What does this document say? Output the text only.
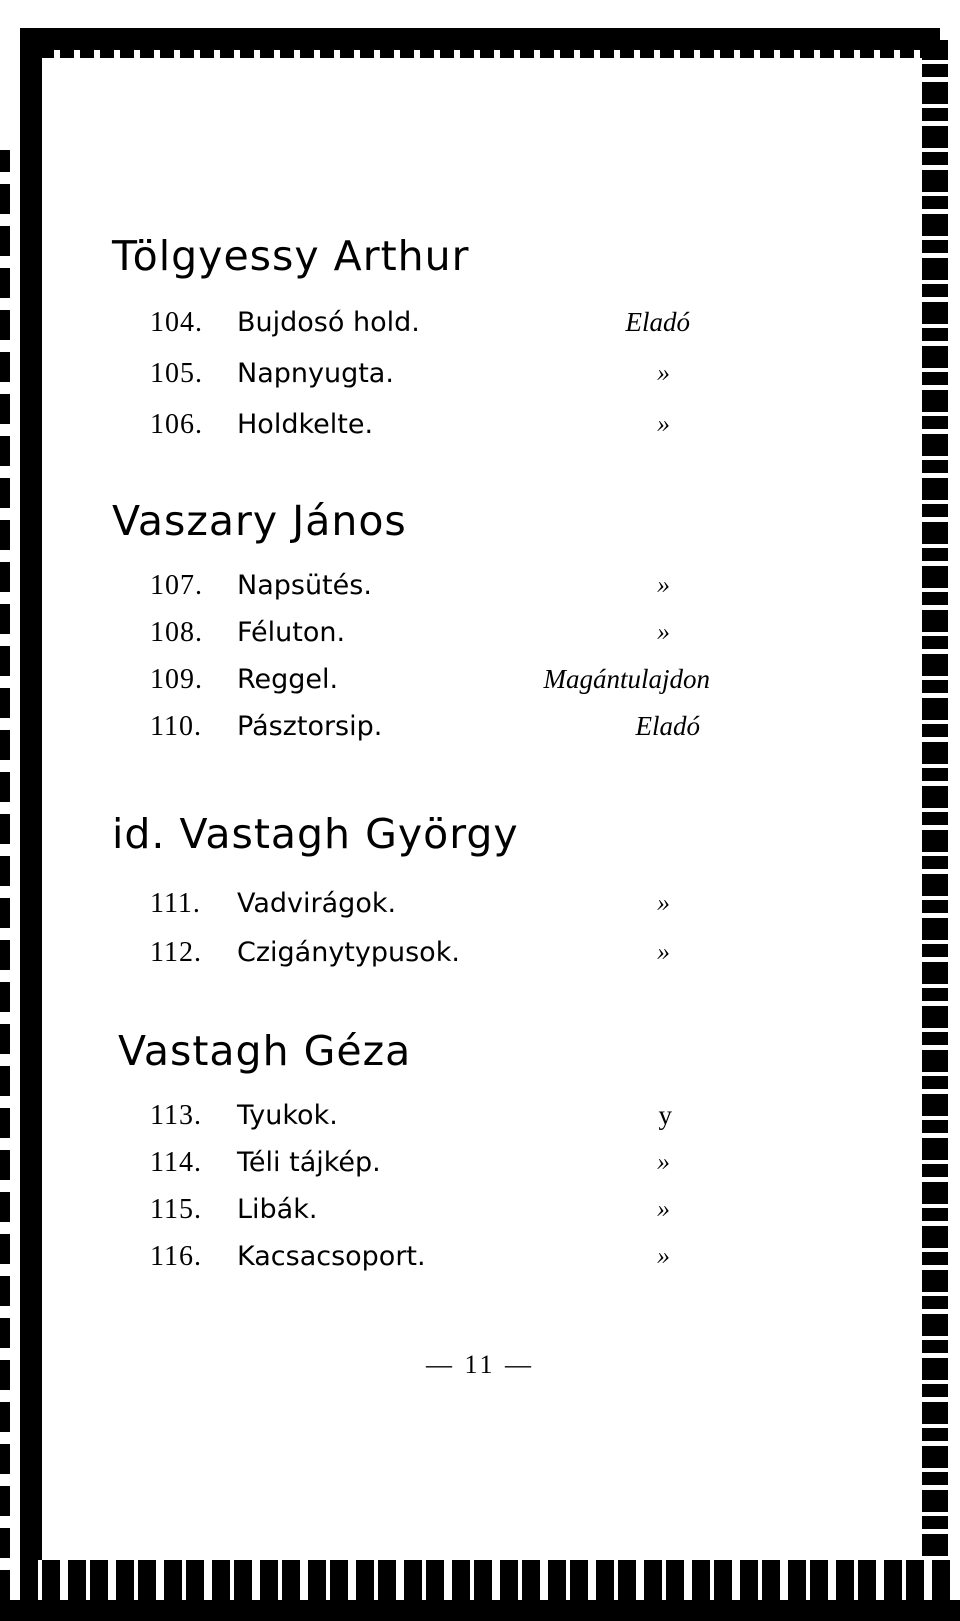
Tölgyessy Arthur
104. Bujdosó hold.	Eladó
105. Napnyugta.	»
106. Holdkelte.	»
Vaszary János
107. Napsütés.	»
108. Féluton.	»
109. Reggel.	Magántulajdon
110. Pásztorsip.	Eladó
id. Vastagh György
111. Vadvirágok.	»
112. Czigánytypusok.	»
Vastagh Géza
113. Tyukok.	y
114. Téli tájkép.	»
115. Libák.	»
116. Kacsacsoport.	»
— 11 —
